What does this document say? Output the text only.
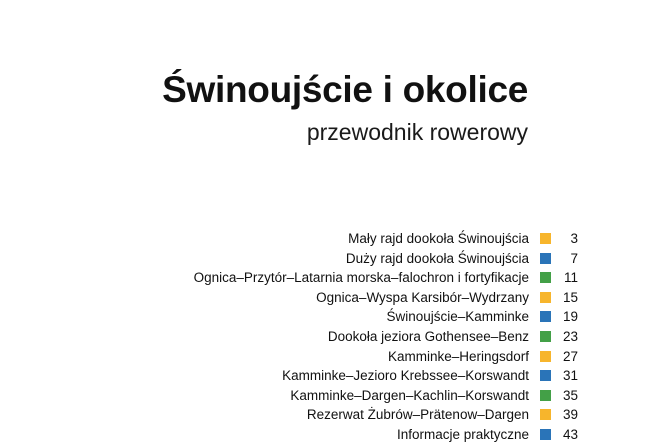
Świnoujście i okolice
przewodnik rowerowy
Mały rajd dookoła Świnoujścia	3
Duży rajd dookoła Świnoujścia	7
Ognica–Przytór–Latarnia morska–falochron i fortyfikacje	11
Ognica–Wyspa Karsibór–Wydrzany	15
Świnoujście–Kamminke	19
Dookoła jeziora Gothensee–Benz	23
Kamminke–Heringsdorf	27
Kamminke–Jezioro Krebssee–Korswandt	31
Kamminke–Dargen–Kachlin–Korswandt	35
Rezerwat Żubrów–Prätenow–Dargen	39
Informacje praktyczne	43
